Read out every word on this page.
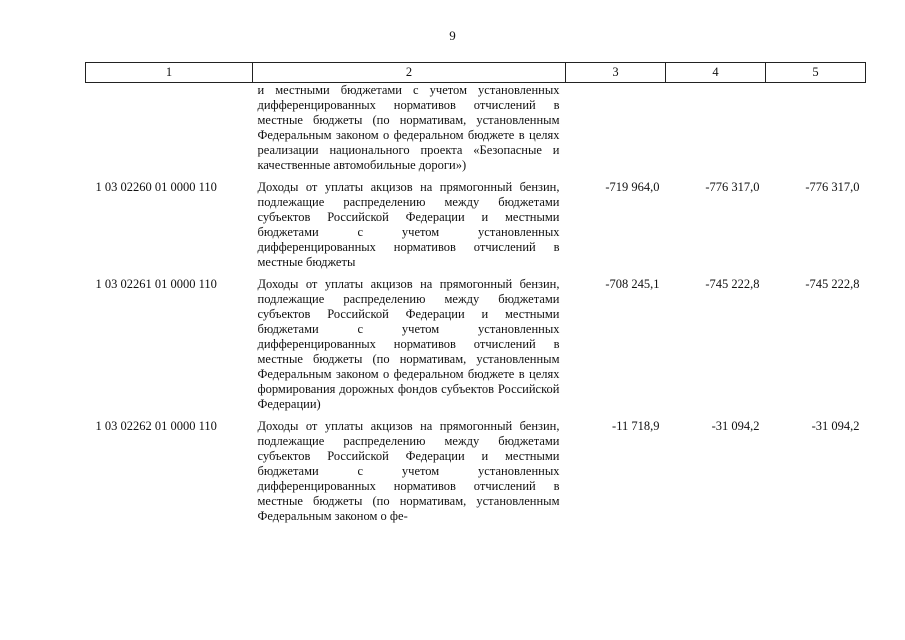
9
1	2	3	4	5
	и местными бюджетами с учетом установленных дифференцированных нормативов отчислений в местные бюджеты (по нормативам, установленным Федеральным законом о федеральном бюджете в целях реализации национального проекта «Безопасные и качественные автомобильные дороги»)			
1 03 02260 01 0000 110	Доходы от уплаты акцизов на прямогонный бензин, подлежащие распределению между бюджетами субъектов Российской Федерации и местными бюджетами с учетом установленных дифференцированных нормативов отчислений в местные бюджеты	-719 964,0	-776 317,0	-776 317,0
1 03 02261 01 0000 110	Доходы от уплаты акцизов на прямогонный бензин, подлежащие распределению между бюджетами субъектов Российской Федерации и местными бюджетами с учетом установленных дифференцированных нормативов отчислений в местные бюджеты (по нормативам, установленным Федеральным законом о федеральном бюджете в целях формирования дорожных фондов субъектов Российской Федерации)	-708 245,1	-745 222,8	-745 222,8
1 03 02262 01 0000 110	Доходы от уплаты акцизов на прямогонный бензин, подлежащие распределению между бюджетами субъектов Российской Федерации и местными бюджетами с учетом установленных дифференцированных нормативов отчислений в местные бюджеты (по нормативам, установленным Федеральным законом о фе-	-11 718,9	-31 094,2	-31 094,2
